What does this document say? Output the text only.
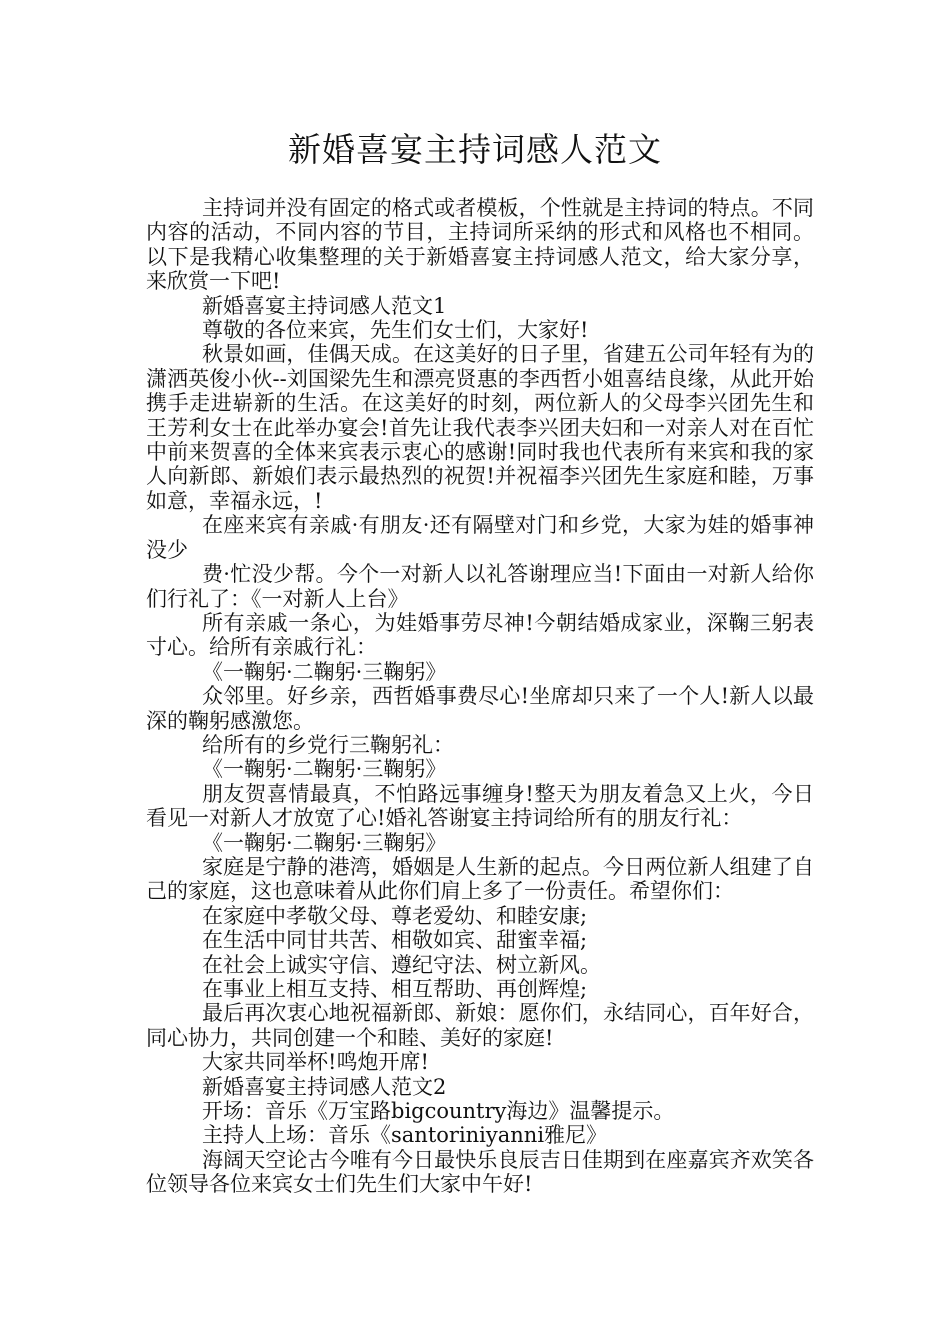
新婚喜宴主持词感人范文

主持词并没有固定的格式或者模板，个性就是主持词的特点。不同内容的活动，不同内容的节目，主持词所采纳的形式和风格也不相同。以下是我精心收集整理的关于新婚喜宴主持词感人范文，给大家分享，来欣赏一下吧!

新婚喜宴主持词感人范文1

尊敬的各位来宾，先生们女士们，大家好!

秋景如画，佳偶天成。在这美好的日子里，省建五公司年轻有为的潇洒英俊小伙--刘国梁先生和漂亮贤惠的李西哲小姐喜结良缘，从此开始携手走进崭新的生活。在这美好的时刻，两位新人的父母李兴团先生和王芳利女士在此举办宴会!首先让我代表李兴团夫妇和一对亲人对在百忙中前来贺喜的全体来宾表示衷心的感谢!同时我也代表所有来宾和我的家人向新郎、新娘们表示最热烈的祝贺!并祝福李兴团先生家庭和睦，万事如意，幸福永远，!

在座来宾有亲戚·有朋友·还有隔壁对门和乡党，大家为娃的婚事神没少

费·忙没少帮。今个一对新人以礼答谢理应当!下面由一对新人给你们行礼了：《一对新人上台》

所有亲戚一条心，为娃婚事劳尽神!今朝结婚成家业，深鞠三躬表寸心。给所有亲戚行礼：

《一鞠躬·二鞠躬·三鞠躬》

众邻里。好乡亲，西哲婚事费尽心!坐席却只来了一个人!新人以最深的鞠躬感激您。

给所有的乡党行三鞠躬礼：

《一鞠躬·二鞠躬·三鞠躬》

朋友贺喜情最真，不怕路远事缠身!整天为朋友着急又上火，今日看见一对新人才放宽了心!婚礼答谢宴主持词给所有的朋友行礼：

《一鞠躬·二鞠躬·三鞠躬》

家庭是宁静的港湾，婚姻是人生新的起点。今日两位新人组建了自己的家庭，这也意味着从此你们肩上多了一份责任。希望你们：

在家庭中孝敬父母、尊老爱幼、和睦安康;

在生活中同甘共苦、相敬如宾、甜蜜幸福;

在社会上诚实守信、遵纪守法、树立新风。

在事业上相互支持、相互帮助、再创辉煌;

最后再次衷心地祝福新郎、新娘：愿你们，永结同心，百年好合，同心协力，共同创建一个和睦、美好的家庭!

大家共同举杯!鸣炮开席!

新婚喜宴主持词感人范文2

开场：音乐《万宝路bigcountry海边》温馨提示。

主持人上场：音乐《santoriniyanni雅尼》

海阔天空论古今唯有今日最快乐良辰吉日佳期到在座嘉宾齐欢笑各位领导各位来宾女士们先生们大家中午好!
